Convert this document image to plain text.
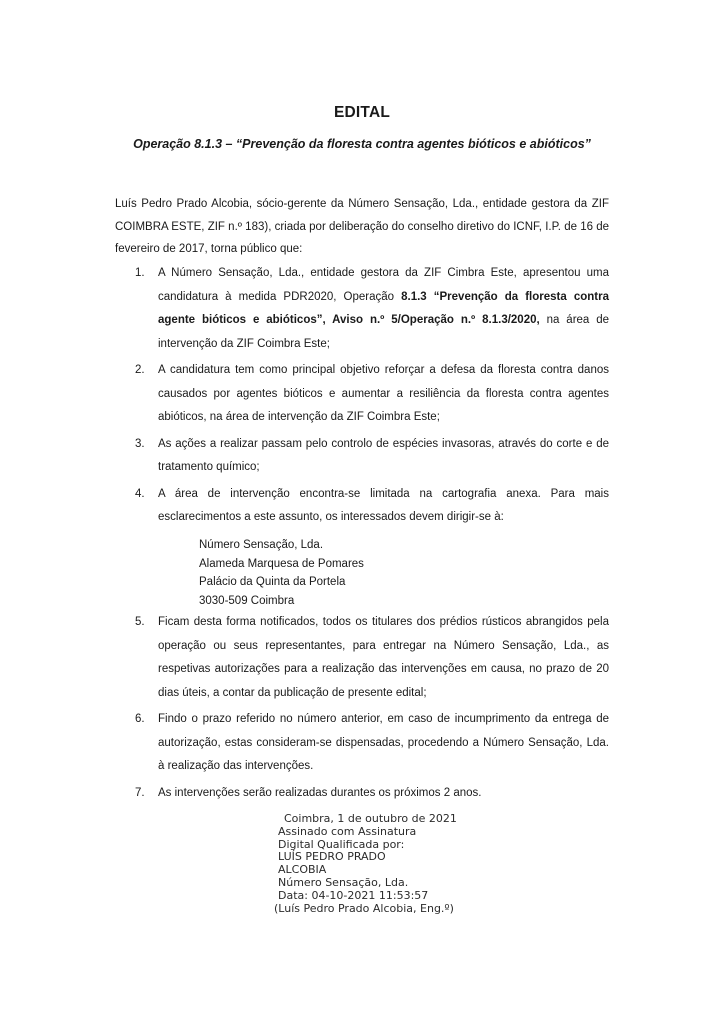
EDITAL
Operação 8.1.3 – “Prevenção da floresta contra agentes bióticos e abióticos”
Luís Pedro Prado Alcobia, sócio-gerente da Número Sensação, Lda., entidade gestora da ZIF COIMBRA ESTE, ZIF n.º 183), criada por deliberação do conselho diretivo do ICNF, I.P. de 16 de fevereiro de 2017, torna público que:
1. A Número Sensação, Lda., entidade gestora da ZIF Cimbra Este, apresentou uma candidatura à medida PDR2020, Operação 8.1.3 “Prevenção da floresta contra agente bióticos e abióticos”, Aviso n.º 5/Operação n.º 8.1.3/2020, na área de intervenção da ZIF Coimbra Este;
2. A candidatura tem como principal objetivo reforçar a defesa da floresta contra danos causados por agentes bióticos e aumentar a resiliência da floresta contra agentes abióticos, na área de intervenção da ZIF Coimbra Este;
3. As ações a realizar passam pelo controlo de espécies invasoras, através do corte e de tratamento químico;
4. A área de intervenção encontra-se limitada na cartografia anexa. Para mais esclarecimentos a este assunto, os interessados devem dirigir-se à:
Número Sensação, Lda.
Alameda Marquesa de Pomares
Palácio da Quinta da Portela
3030-509 Coimbra
5. Ficam desta forma notificados, todos os titulares dos prédios rústicos abrangidos pela operação ou seus representantes, para entregar na Número Sensação, Lda., as respetivas autorizações para a realização das intervenções em causa, no prazo de 20 dias úteis, a contar da publicação de presente edital;
6. Findo o prazo referido no número anterior, em caso de incumprimento da entrega de autorização, estas consideram-se dispensadas, procedendo a Número Sensação, Lda. à realização das intervenções.
7. As intervenções serão realizadas durantes os próximos 2 anos.
Coimbra, 1 de outubro de 2021
Assinado com Assinatura
Digital Qualificada por:
LUÍS PEDRO PRADO
ALCOBIA
Número Sensação, Lda.
Data: 04-10-2021 11:53:57
(Luís Pedro Prado Alcobia, Eng.º)
